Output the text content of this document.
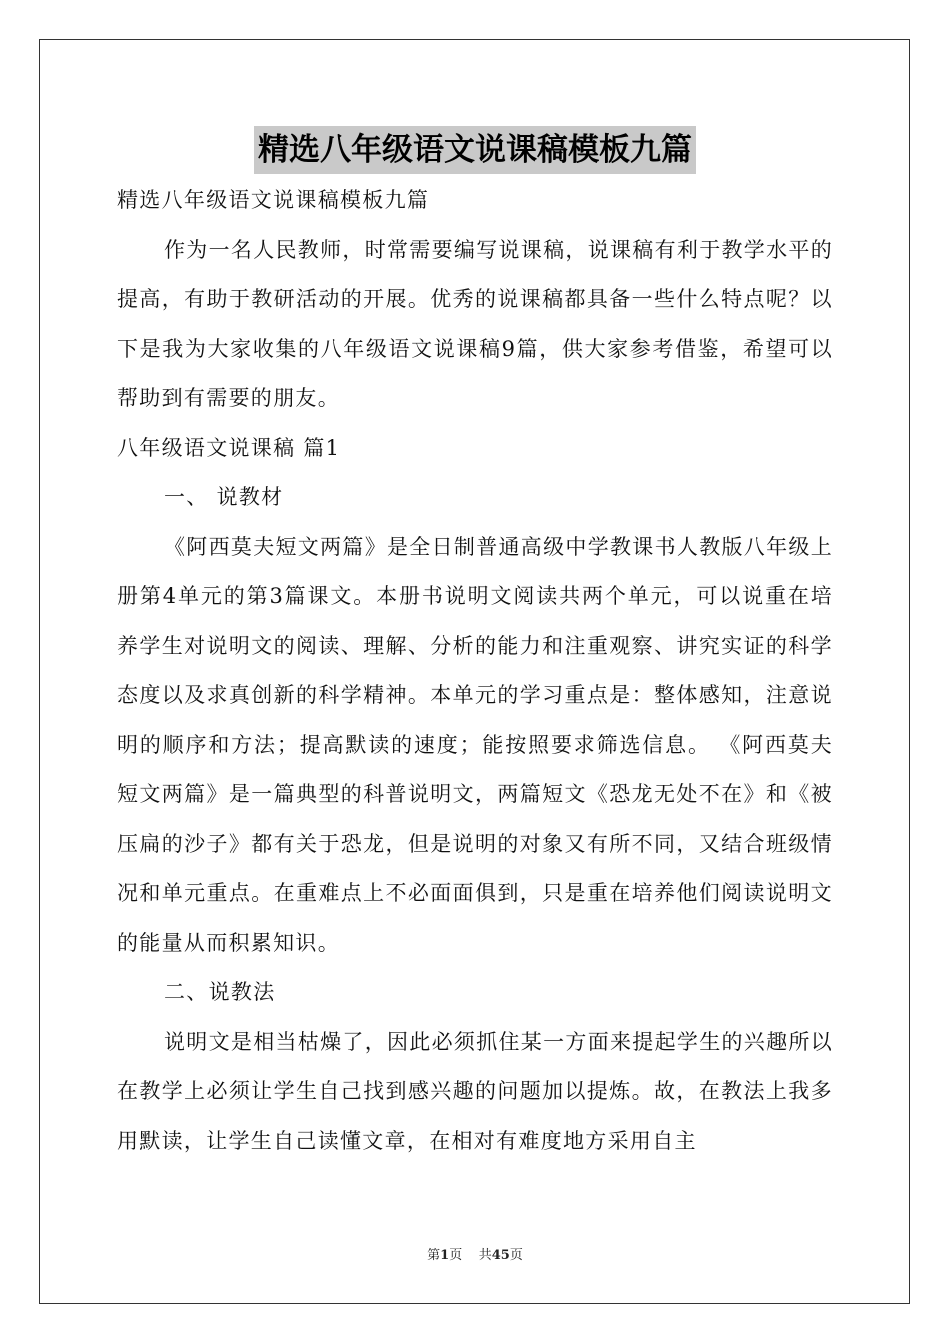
精选八年级语文说课稿模板九篇

精选八年级语文说课稿模板九篇

作为一名人民教师，时常需要编写说课稿，说课稿有利于教学水平的提高，有助于教研活动的开展。优秀的说课稿都具备一些什么特点呢？以下是我为大家收集的八年级语文说课稿9篇，供大家参考借鉴，希望可以帮助到有需要的朋友。

八年级语文说课稿 篇1

一、 说教材

《阿西莫夫短文两篇》是全日制普通高级中学教课书人教版八年级上册第4单元的第3篇课文。本册书说明文阅读共两个单元，可以说重在培养学生对说明文的阅读、理解、分析的能力和注重观察、讲究实证的科学态度以及求真创新的科学精神。本单元的学习重点是：整体感知，注意说明的顺序和方法；提高默读的速度；能按照要求筛选信息。 《阿西莫夫短文两篇》是一篇典型的科普说明文，两篇短文《恐龙无处不在》和《被压扁的沙子》都有关于恐龙，但是说明的对象又有所不同，又结合班级情况和单元重点。在重难点上不必面面俱到，只是重在培养他们阅读说明文的能量从而积累知识。

二、说教法

说明文是相当枯燥了，因此必须抓住某一方面来提起学生的兴趣所以在教学上必须让学生自己找到感兴趣的问题加以提炼。故，在教法上我多用默读，让学生自己读懂文章，在相对有难度地方采用自主

第1页 共45页
